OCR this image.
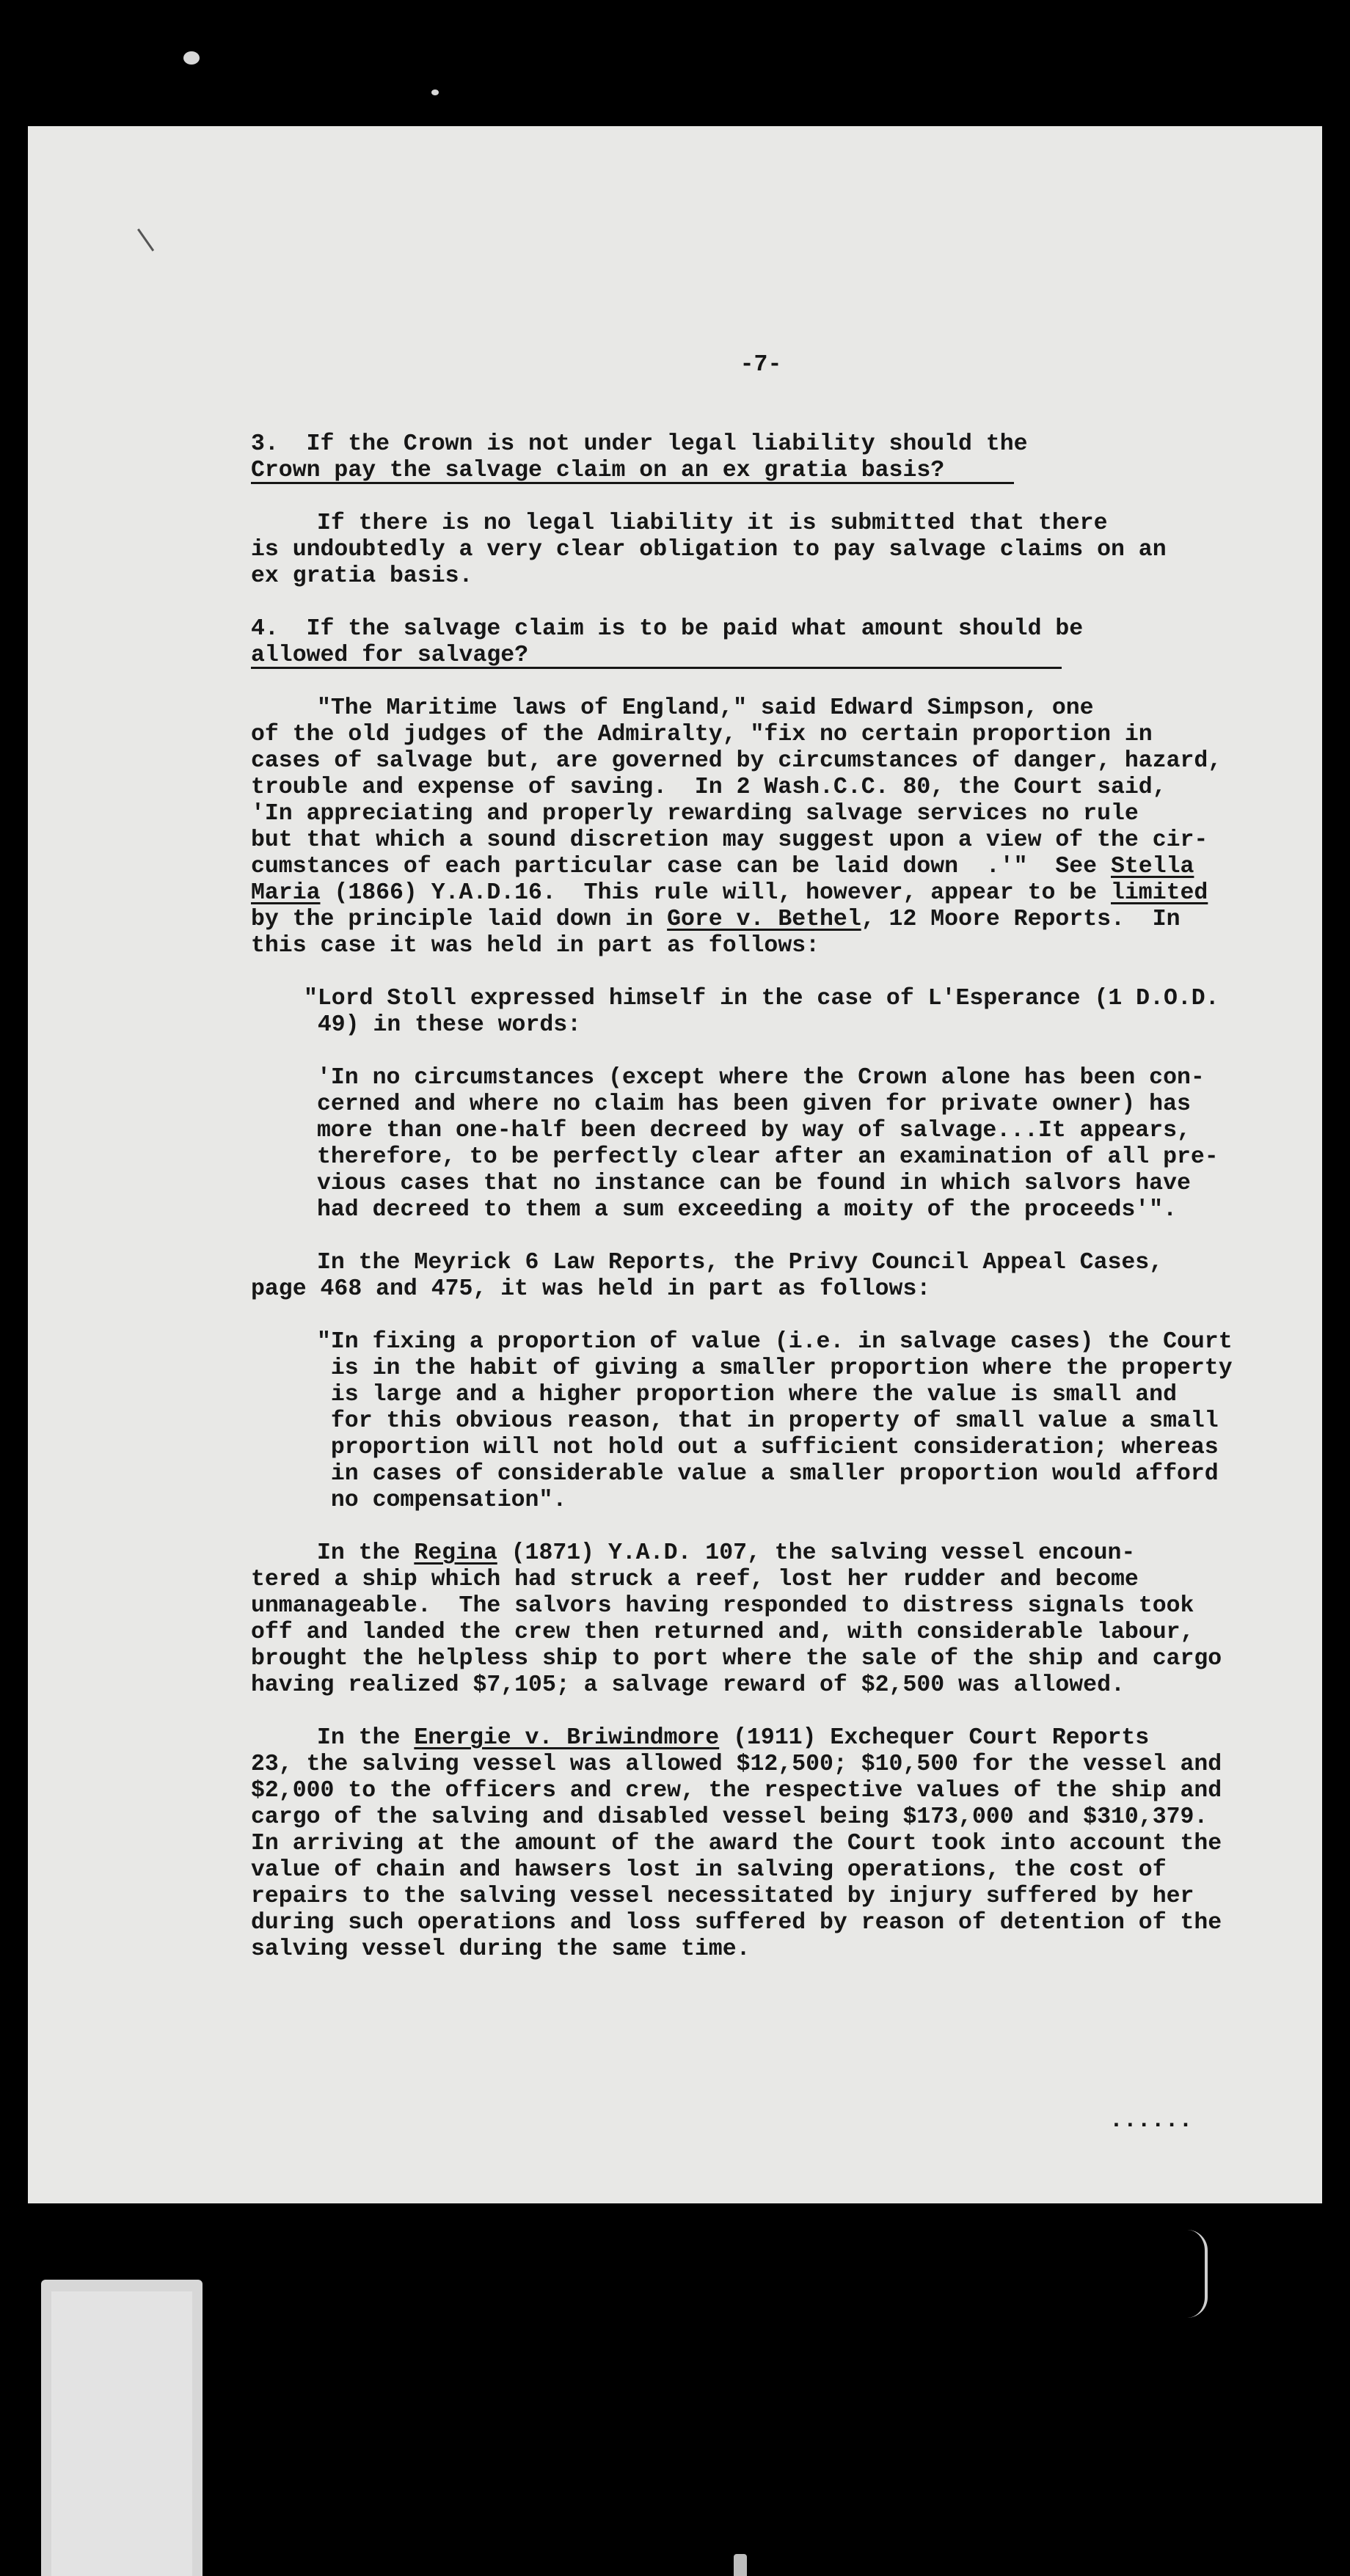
-7-
3.  If the Crown is not under legal liability should the
Crown pay the salvage claim on an ex gratia basis?
If there is no legal liability it is submitted that there
is undoubtedly a very clear obligation to pay salvage claims on an
ex gratia basis.
4.  If the salvage claim is to be paid what amount should be
allowed for salvage?
"The Maritime laws of England," said Edward Simpson, one
of the old judges of the Admiralty, "fix no certain proportion in
cases of salvage but, are governed by circumstances of danger, hazard,
trouble and expense of saving.  In 2 Wash.C.C. 80, the Court said,
'In appreciating and properly rewarding salvage services no rule
but that which a sound discretion may suggest upon a view of the cir-
cumstances of each particular case can be laid down  .'"  See Stella
Maria (1866) Y.A.D.16.  This rule will, however, appear to be limited
by the principle laid down in Gore v. Bethel, 12 Moore Reports.  In
this case it was held in part as follows:
"Lord Stoll expressed himself in the case of L'Esperance (1 D.O.D.
49) in these words:
'In no circumstances (except where the Crown alone has been con-
cerned and where no claim has been given for private owner) has
more than one-half been decreed by way of salvage...It appears,
therefore, to be perfectly clear after an examination of all pre-
vious cases that no instance can be found in which salvors have
had decreed to them a sum exceeding a moity of the proceeds'".
In the Meyrick 6 Law Reports, the Privy Council Appeal Cases,
page 468 and 475, it was held in part as follows:
"In fixing a proportion of value (i.e. in salvage cases) the Court
is in the habit of giving a smaller proportion where the property
is large and a higher proportion where the value is small and
for this obvious reason, that in property of small value a small
proportion will not hold out a sufficient consideration; whereas
in cases of considerable value a smaller proportion would afford
no compensation".
In the Regina (1871) Y.A.D. 107, the salving vessel encoun-
tered a ship which had struck a reef, lost her rudder and become
unmanageable.  The salvors having responded to distress signals took
off and landed the crew then returned and, with considerable labour,
brought the helpless ship to port where the sale of the ship and cargo
having realized $7,105; a salvage reward of $2,500 was allowed.
In the Energie v. Briwindmore (1911) Exchequer Court Reports
23, the salving vessel was allowed $12,500; $10,500 for the vessel and
$2,000 to the officers and crew, the respective values of the ship and
cargo of the salving and disabled vessel being $173,000 and $310,379.
In arriving at the amount of the award the Court took into account the
value of chain and hawsers lost in salving operations, the cost of
repairs to the salving vessel necessitated by injury suffered by her
during such operations and loss suffered by reason of detention of the
salving vessel during the same time.
......
